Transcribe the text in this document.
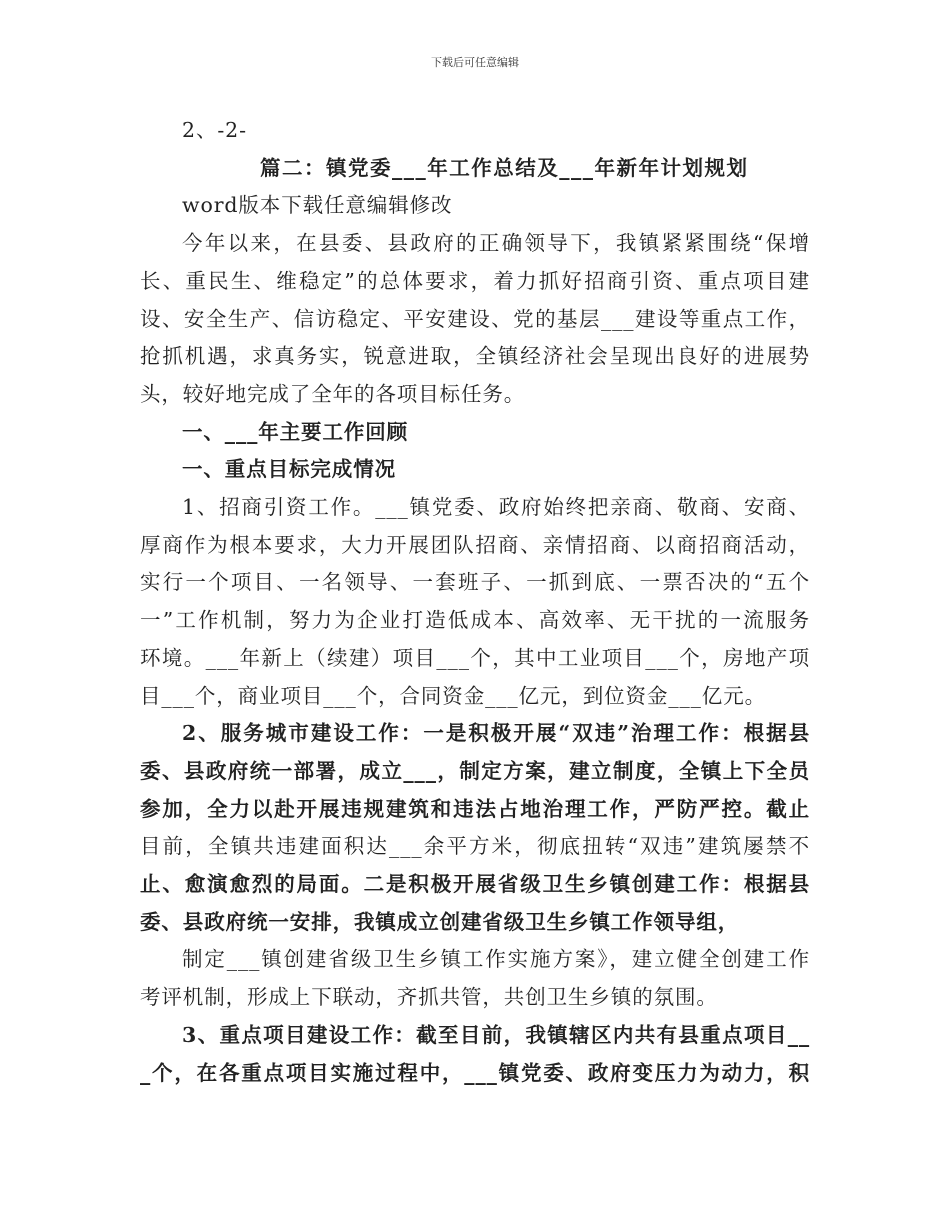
下载后可任意编辑
2、-2-
篇二：镇党委___年工作总结及___年新年计划规划
word版本下载任意编辑修改
今年以来，在县委、县政府的正确领导下，我镇紧紧围绕“保增
长、重民生、维稳定”的总体要求，着力抓好招商引资、重点项目建
设、安全生产、信访稳定、平安建设、党的基层___建设等重点工作，
抢抓机遇，求真务实，锐意进取，全镇经济社会呈现出良好的进展势
头，较好地完成了全年的各项目标任务。
一、___年主要工作回顾
一、重点目标完成情况
1、招商引资工作。___镇党委、政府始终把亲商、敬商、安商、
厚商作为根本要求，大力开展团队招商、亲情招商、以商招商活动，
实行一个项目、一名领导、一套班子、一抓到底、一票否决的“五个
一”工作机制，努力为企业打造低成本、高效率、无干扰的一流服务
环境。___年新上（续建）项目___个，其中工业项目___个，房地产项
目___个，商业项目___个，合同资金___亿元，到位资金___亿元。
2、服务城市建设工作：一是积极开展“双违”治理工作：根据县
委、县政府统一部署，成立___，制定方案，建立制度，全镇上下全员
参加，全力以赴开展违规建筑和违法占地治理工作，严防严控。截止
目前，全镇共违建面积达___余平方米，彻底扭转“双违”建筑屡禁不
止、愈演愈烈的局面。二是积极开展省级卫生乡镇创建工作：根据县
委、县政府统一安排，我镇成立创建省级卫生乡镇工作领导组，
制定___镇创建省级卫生乡镇工作实施方案》，建立健全创建工作
考评机制，形成上下联动，齐抓共管，共创卫生乡镇的氛围。
3、重点项目建设工作：截至目前，我镇辖区内共有县重点项目__
_个，在各重点项目实施过程中，___镇党委、政府变压力为动力，积
